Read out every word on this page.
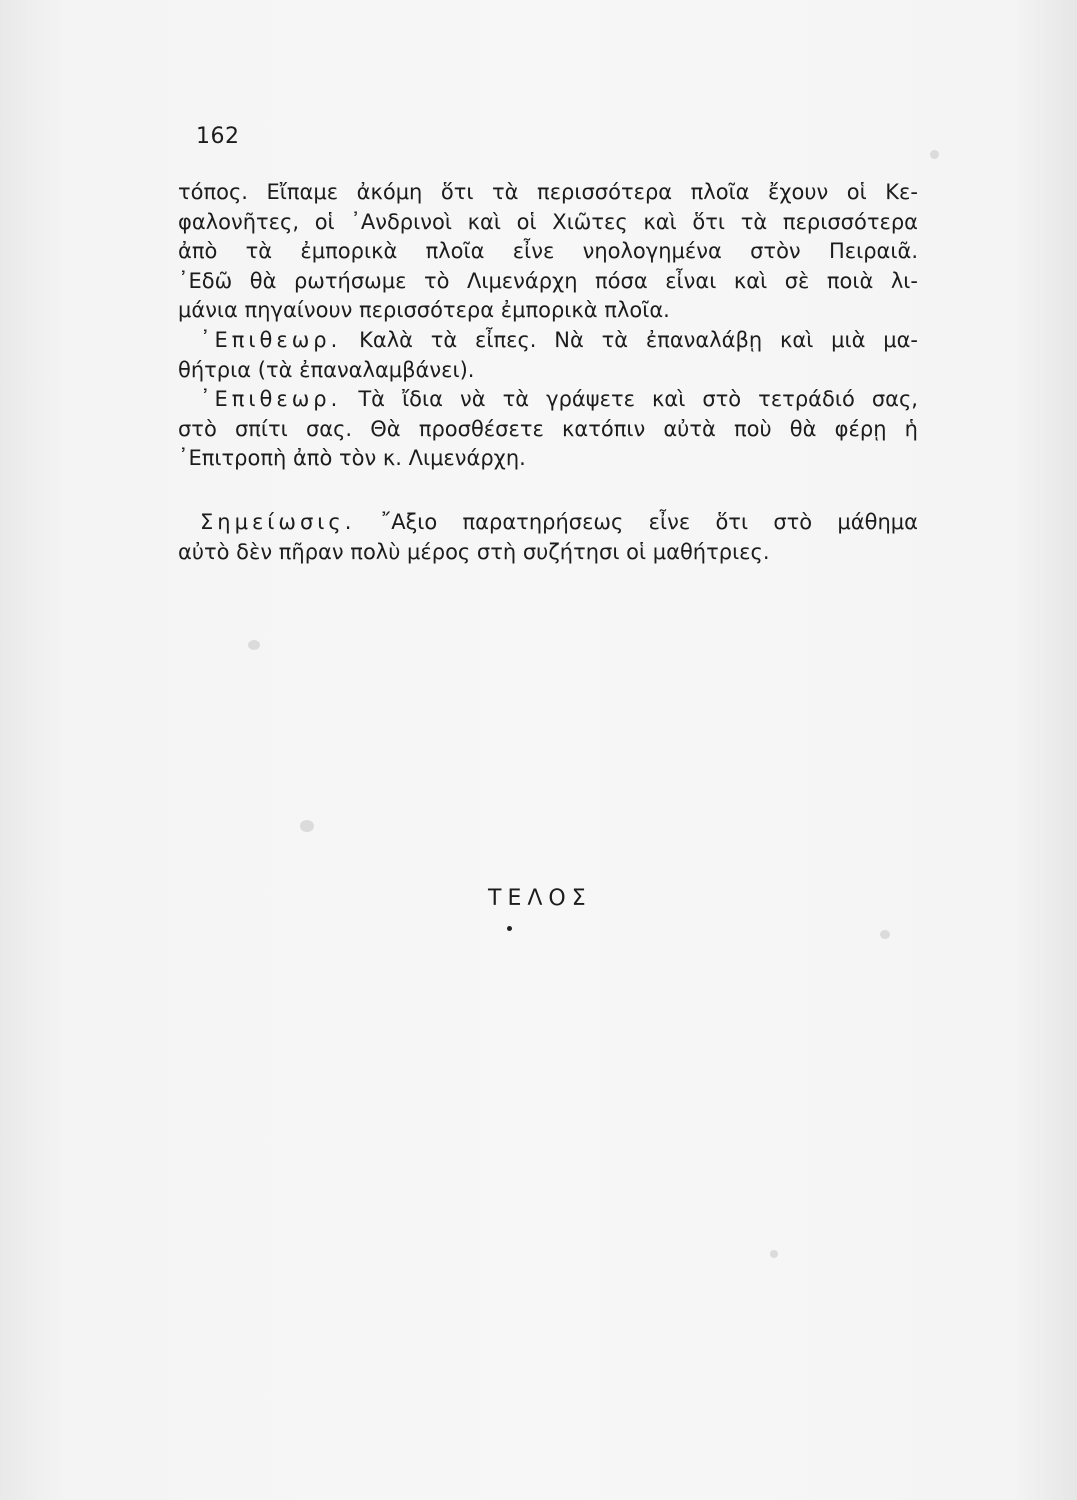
162
τόπος. Εἴπαμε ἀκόμη ὅτι τὰ περισσότερα πλοῖα ἔχουν οἱ Κε-
φαλονῆτες, οἱ ᾽Ανδρινοὶ καὶ οἱ Χιῶτες καὶ ὅτι τὰ περισσότερα
ἀπὸ τὰ ἐμπορικὰ πλοῖα εἶνε νηολογημένα στὸν Πειραιᾶ.
᾽Εδῶ θὰ ρωτήσωμε τὸ Λιμενάρχη πόσα εἶναι καὶ σὲ ποιὰ λι-
μάνια πηγαίνουν περισσότερα ἐμπορικὰ πλοῖα.
᾽Επιθεωρ. Καλὰ τὰ εἶπες. Νὰ τὰ ἐπαναλάβῃ καὶ μιὰ μα-
θήτρια (τὰ ἐπαναλαμβάνει).
᾽Επιθεωρ. Τὰ ἴδια νὰ τὰ γράψετε καὶ στὸ τετράδιό σας,
στὸ σπίτι σας. Θὰ προσθέσετε κατόπιν αὐτὰ ποὺ θὰ φέρῃ ἡ
᾽Επιτροπὴ ἀπὸ τὸν κ. Λιμενάρχη.
Σημείωσις. ῎Αξιο παρατηρήσεως εἶνε ὅτι στὸ μάθημα
αὐτὸ δὲν πῆραν πολὺ μέρος στὴ συζήτησι οἱ μαθήτριες.
ΤΕΛΟΣ
